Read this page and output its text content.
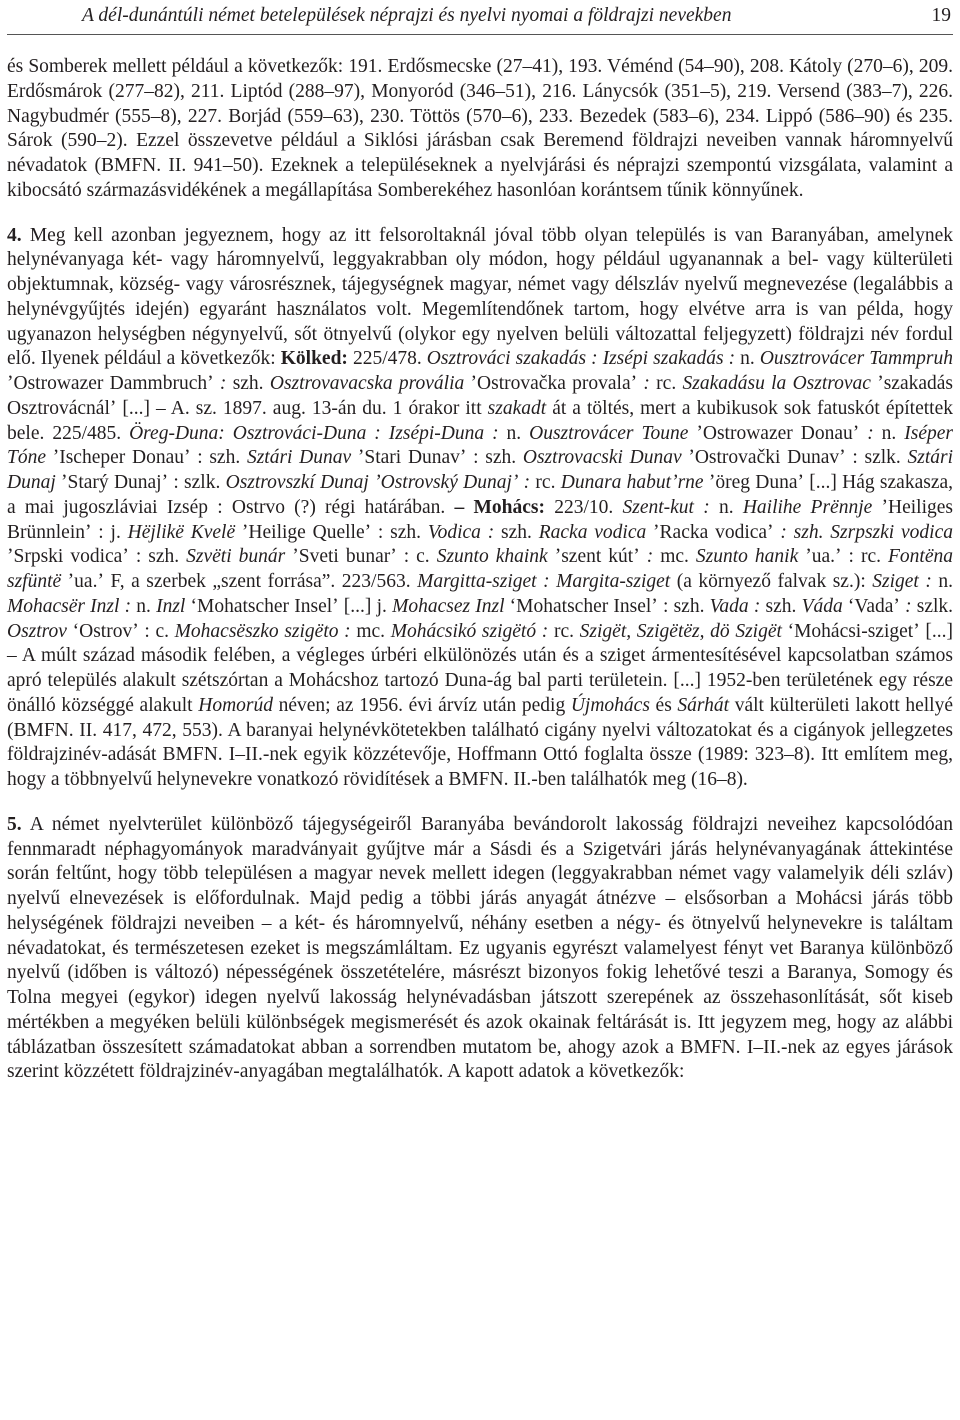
A dél-dunántúli német betelepülések néprajzi és nyelvi nyomai a földrajzi nevekben	19

és Somberek mellett például a következők: 191. Erdősmecske (27–41), 193. Véménd (54–90), 208. Kátoly (270–6), 209. Erdősmárok (277–82), 211. Liptód (288–97), Monyoród (346–51), 216. Lánycsók (351–5), 219. Versend (383–7), 226. Nagybudmér (555–8), 227. Borjád (559–63), 230. Töttös (570–6), 233. Bezedek (583–6), 234. Lippó (586–90) és 235. Sárok (590–2). Ezzel összevetve például a Siklósi járásban csak Beremend földrajzi neveiben vannak háromnyelvű névadatok (BMFN. II. 941–50). Ezeknek a településeknek a nyelvjárási és néprajzi szempontú vizsgálata, valamint a kibocsátó származásvidékének a megállapítása Somberekéhez hasonlóan korántsem tűnik könnyűnek.

4. Meg kell azonban jegyeznem, hogy az itt felsoroltaknál jóval több olyan település is van Baranyában, amelynek helynévanyaga két- vagy háromnyelvű, leggyakrabban oly módon, hogy például ugyanannak a bel- vagy külterületi objektumnak, község- vagy városrésznek, tájegységnek magyar, német vagy délszláv nyelvű megnevezése (legalábbis a helynévgyűjtés idején) egyaránt használatos volt. Megemlítendőnek tartom, hogy elvétve arra is van példa, hogy ugyanazon helységben négynyelvű, sőt ötnyelvű (olykor egy nyelven belüli változattal feljegyzett) földrajzi név fordul elő. Ilyenek például a következők: Kölked: 225/478. Osztrováci szakadás : Izsépi szakadás : n. Ousztrovácer Tammpruh ʼOstrowazer Dammbruchʼ : szh. Osztrovavacska provália ʼOstrovačka provalaʼ : rc. Szakadásu la Osztrovac ʼszakadás Osztrovácnálʼ [...] – A. sz. 1897. aug. 13-án du. 1 órakor itt szakadt át a töltés, mert a kubikusok sok fatuskót építettek bele. 225/485. Öreg-Duna: Osztrováci-Duna : Izsépi-Duna : n. Ousztrovácer Toune ʼOstrowazer Donauʼ : n. Iséper Tóne ʼIscheper Donauʼ : szh. Sztári Dunav ʼStari Dunavʼ : szh. Osztrovacski Dunav ʼOstrovački Dunavʼ : szlk. Sztári Dunaj ʼStarý Dunajʼ : szlk. Osztrovszkí Dunaj ʼOstrovský Dunajʼ : rc. Dunara habutʼrne ʼöreg Dunaʼ [...] Hág szakasza, a mai jugoszláviai Izsép : Ostrvo (?) régi határában. – Mohács: 223/10. Szent-kut : n. Hailihe Prënnje ʼHeiliges Brünnleinʼ : j. Hëjlikë Kvelë ʼHeilige Quelleʼ : szh. Vodica : szh. Racka vodica ʼRacka vodicaʼ : szh. Szrpszki vodica ʼSrpski vodicaʼ : szh. Szvëti bunár ʼSveti bunarʼ : c. Szunto khaink ʼszent kútʼ : mc. Szunto hanik ʼua.ʼ : rc. Fontëna szfüntë ʼua.ʼ F, a szerbek „szent forrása”. 223/563. Margitta-sziget : Margita-sziget (a környező falvak sz.): Sziget : n. Mohacsër Inzl : n. Inzl ʻMohatscher Inselʼ [...] j. Mohacsez Inzl ʻMohatscher Inselʼ : szh. Vada : szh. Váda ʻVadaʼ : szlk. Osztrov ʻOstrovʼ : c. Mohacsëszko szigëto : mc. Mohácsikó szigëtó : rc. Szigët, Szigëtëz, dö Szigët ʻMohácsi-szigetʼ [...] – A múlt század második felében, a végleges úrbéri elkülönözés után és a sziget ármentesítésével kapcsolatban számos apró település alakult szétszórtan a Mohácshoz tartozó Duna-ág bal parti területein. [...] 1952-ben területének egy része önálló községgé alakult Homorúd néven; az 1956. évi árvíz után pedig Újmohács és Sárhát vált külterületi lakott hellyé (BMFN. II. 417, 472, 553). A baranyai helynévkötetekben található cigány nyelvi változatokat és a cigányok jellegzetes földrajzinév-adását BMFN. I–II.-nek egyik közzétevője, Hoffmann Ottó foglalta össze (1989: 323–8). Itt említem meg, hogy a többnyelvű helynevekre vonatkozó rövidítések a BMFN. II.-ben találhatók meg (16–8).

5. A német nyelvterület különböző tájegységeiről Baranyába bevándorolt lakosság földrajzi neveihez kapcsolódóan fennmaradt néphagyományok maradványait gyűjtve már a Sásdi és a Szigetvári járás helynévanyagának áttekintése során feltűnt, hogy több településen a magyar nevek mellett idegen (leggyakrabban német vagy valamelyik déli szláv) nyelvű elnevezések is előfordulnak. Majd pedig a többi járás anyagát átnézve – elsősorban a Mohácsi járás több helységének földrajzi neveiben – a két- és háromnyelvű, néhány esetben a négy- és ötnyelvű helynevekre is találtam névadatokat, és természetesen ezeket is megszámláltam. Ez ugyanis egyrészt valamelyest fényt vet Baranya különböző nyelvű (időben is változó) népességének összetételére, másrészt bizonyos fokig lehetővé teszi a Baranya, Somogy és Tolna megyei (egykor) idegen nyelvű lakosság helynévadásban játszott szerepének az összehasonlítását, sőt kiseb mértékben a megyéken belüli különbségek megismerését és azok okainak feltárását is. Itt jegyzem meg, hogy az alábbi táblázatban összesített számadatokat abban a sorrendben mutatom be, ahogy azok a BMFN. I–II.-nek az egyes járások szerint közzétett földrajzinév-anyagában megtalálhatók. A kapott adatok a következők:
